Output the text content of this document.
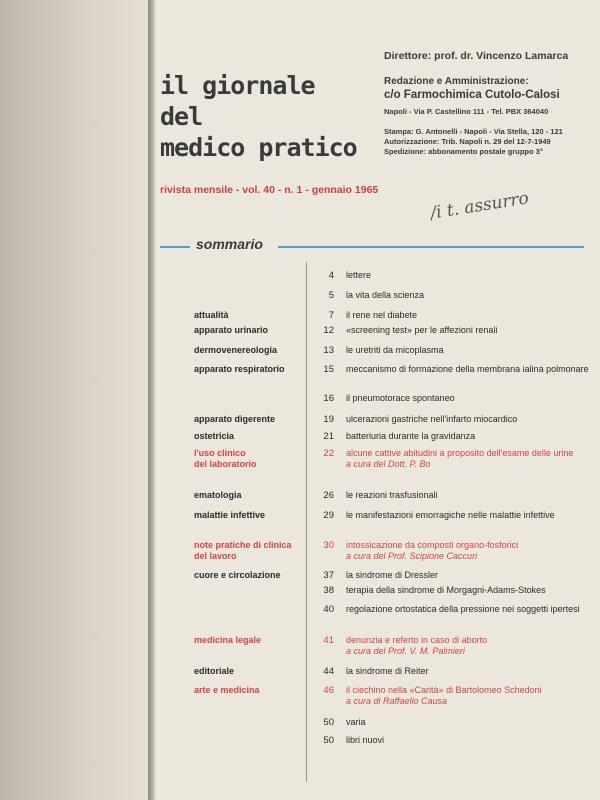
il giornale
del
medico pratico
rivista mensile - vol. 40 - n. 1 - gennaio 1965
Direttore: prof. dr. Vincenzo Lamarca
Redazione e Amministrazione:
c/o Farmochimica Cutolo-Calosi
Napoli - Via P. Castellino 111 - Tel. PBX 364040
Stampa: G. Antonelli - Napoli - Via Stella, 120 - 121
Autorizzazione: Trib. Napoli n. 29 del 12-7-1949
Spedizione: abbonamento postale gruppo 3°
/i t. assurro
sommario
4 lettere
5 la vita della scienza
attualità	7 il rene nel diabete
apparato urinario	12 «screening test» per le affezioni renali
dermovenereologia	13 le uretriti da micoplasma
apparato respiratorio	15 meccanismo di formazione della membrana ialina polmonare
16 il pneumotorace spontaneo
apparato digerente	19 ulcerazioni gastriche nell'infarto miocardico
ostetricia	21 batteriuria durante la gravidanza
l'uso clinico
del laboratorio
22 alcune cattive abitudini a proposito dell'esame delle urine
a cura del Dott. P. Bo
ematologia	26 le reazioni trasfusionali
malattie infettive	29 le manifestazioni emorragiche nelle malattie infettive
note pratiche di clinica
del lavoro
30 intossicazione da composti organo-fosforici
a cura del Prof. Scipione Caccuri
cuore e circolazione	37 la sindrome di Dressler
38 terapia della sindrome di Morgagni-Adams-Stokes
40 regolazione ortostatica della pressione nei soggetti ipertesi
medicina legale	41 denunzia e referto in caso di aborto
a cura del Prof. V. M. Palmieri
editoriale	44 la sindrome di Reiter
arte e medicina	46 il ciechino nella «Carità» di Bartolomeo Schedoni
a cura di Raffaello Causa
50 varia
50 libri nuovi
